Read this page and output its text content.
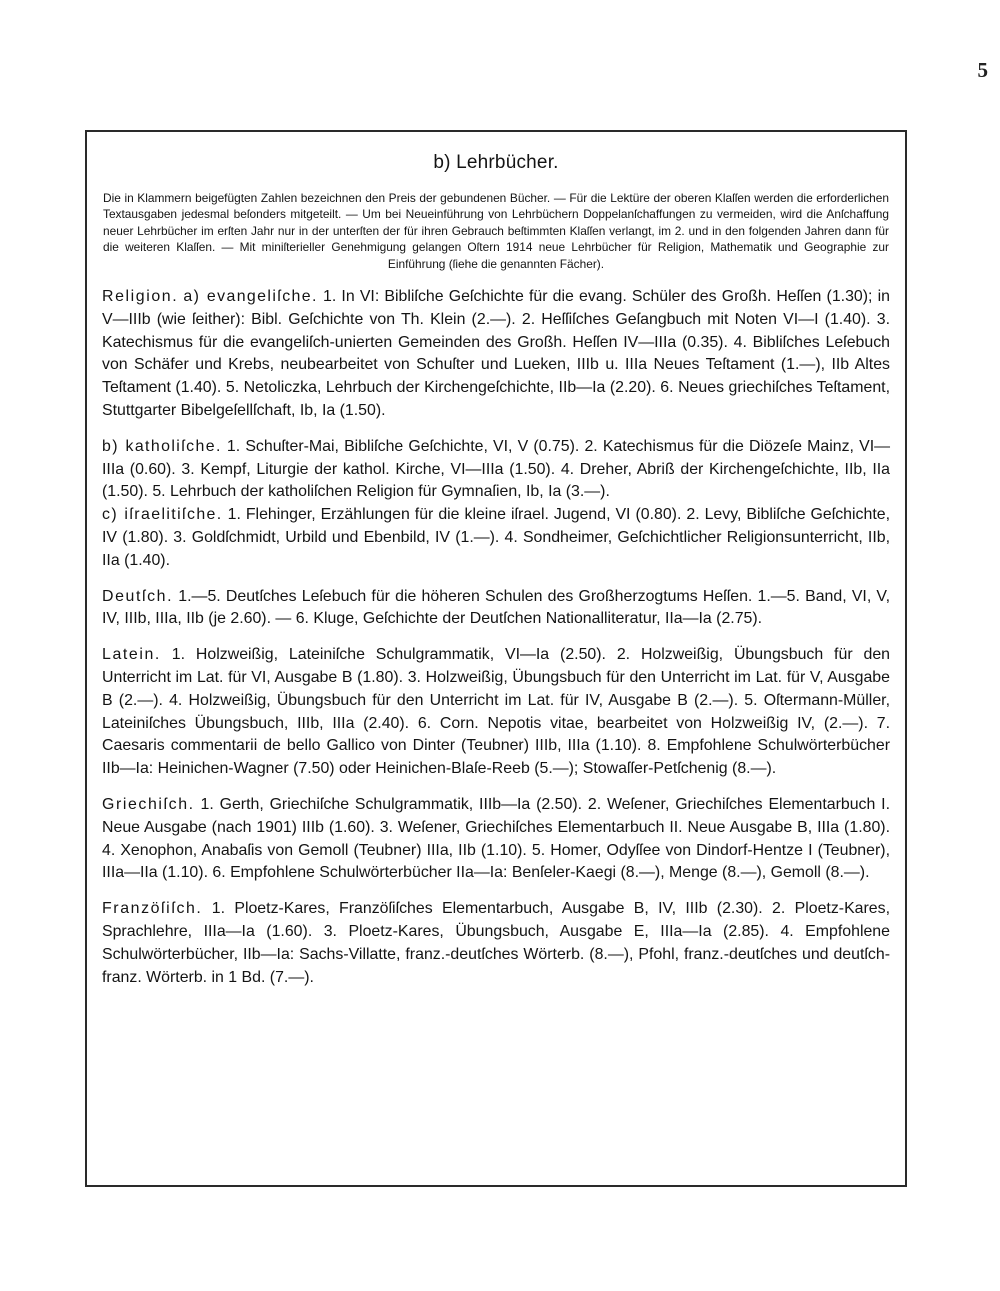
5
b) Lehrbücher.

Die in Klammern beigefügten Zahlen bezeichnen den Preis der gebundenen Bücher. — Für die Lektüre der oberen Klaſſen werden die erforderlichen Textausgaben jedesmal beſonders mitgeteilt. — Um bei Neueinführung von Lehrbüchern Doppelanſchaffungen zu vermeiden, wird die Anſchaffung neuer Lehrbücher im erſten Jahr nur in der unterſten der für ihren Gebrauch beſtimmten Klaſſen verlangt, im 2. und in den folgenden Jahren dann für die weiteren Klaſſen. — Mit miniſterieller Genehmigung gelangen Oſtern 1914 neue Lehrbücher für Religion, Mathematik und Geographie zur Einführung (ſiehe die genannten Fächer).

Religion. a) evangeliſche. 1. In VI: Bibliſche Geſchichte für die evang. Schüler des Großh. Heſſen (1.30); in V—IIIb (wie ſeither): Bibl. Geſchichte von Th. Klein (2.—). 2. Heſſiſches Geſangbuch mit Noten VI—I (1.40). 3. Katechismus für die evangeliſch-unierten Gemeinden des Großh. Heſſen IV—IIIa (0.35). 4. Bibliſches Leſebuch von Schäfer und Krebs, neubearbeitet von Schuſter und Lueken, IIIb u. IIIa Neues Teſtament (1.—), IIb Altes Teſtament (1.40). 5. Netoliczka, Lehrbuch der Kirchengeſchichte, IIb—Ia (2.20). 6. Neues griechiſches Teſtament, Stuttgarter Bibelgeſellſchaft, Ib, Ia (1.50).

b) katholiſche. 1. Schuſter-Mai, Bibliſche Geſchichte, VI, V (0.75). 2. Katechismus für die Diözeſe Mainz, VI—IIIa (0.60). 3. Kempf, Liturgie der kathol. Kirche, VI—IIIa (1.50). 4. Dreher, Abriß der Kirchengeſchichte, IIb, IIa (1.50). 5. Lehrbuch der katholiſchen Religion für Gymnaſien, Ib, Ia (3.—).

c) iſraelitiſche. 1. Flehinger, Erzählungen für die kleine iſrael. Jugend, VI (0.80). 2. Levy, Bibliſche Geſchichte, IV (1.80). 3. Goldſchmidt, Urbild und Ebenbild, IV (1.—). 4. Sondheimer, Geſchichtlicher Religionsunterricht, IIb, IIa (1.40).

Deutſch. 1.—5. Deutſches Leſebuch für die höheren Schulen des Großherzogtums Heſſen. 1.—5. Band, VI, V, IV, IIIb, IIIa, IIb (je 2.60). — 6. Kluge, Geſchichte der Deutſchen Nationalliteratur, IIa—Ia (2.75).

Latein. 1. Holzweißig, Lateiniſche Schulgrammatik, VI—Ia (2.50). 2. Holzweißig, Übungsbuch für den Unterricht im Lat. für VI, Ausgabe B (1.80). 3. Holzweißig, Übungsbuch für den Unterricht im Lat. für V, Ausgabe B (2.—). 4. Holzweißig, Übungsbuch für den Unterricht im Lat. für IV, Ausgabe B (2.—). 5. Oſtermann-Müller, Lateiniſches Übungsbuch, IIIb, IIIa (2.40). 6. Corn. Nepotis vitae, bearbeitet von Holzweißig IV, (2.—). 7. Caesaris commentarii de bello Gallico von Dinter (Teubner) IIIb, IIIa (1.10). 8. Empfohlene Schulwörterbücher IIb—Ia: Heinichen-Wagner (7.50) oder Heinichen-Blaſe-Reeb (5.—); Stowaſſer-Petſchenig (8.—).

Griechiſch. 1. Gerth, Griechiſche Schulgrammatik, IIIb—Ia (2.50). 2. Weſener, Griechiſches Elementarbuch I. Neue Ausgabe (nach 1901) IIIb (1.60). 3. Weſener, Griechiſches Elementarbuch II. Neue Ausgabe B, IIIa (1.80). 4. Xenophon, Anabaſis von Gemoll (Teubner) IIIa, IIb (1.10). 5. Homer, Odyſſee von Dindorf-Hentze I (Teubner), IIIa—IIa (1.10). 6. Empfohlene Schulwörterbücher IIa—Ia: Benſeler-Kaegi (8.—), Menge (8.—), Gemoll (8.—).

Franzöſiſch. 1. Ploetz-Kares, Franzöſiſches Elementarbuch, Ausgabe B, IV, IIIb (2.30). 2. Ploetz-Kares, Sprachlehre, IIIa—Ia (1.60). 3. Ploetz-Kares, Übungsbuch, Ausgabe E, IIIa—Ia (2.85). 4. Empfohlene Schulwörterbücher, IIb—Ia: Sachs-Villatte, franz.-deutſches Wörterb. (8.—), Pfohl, franz.-deutſches und deutſch-franz. Wörterb. in 1 Bd. (7.—).
